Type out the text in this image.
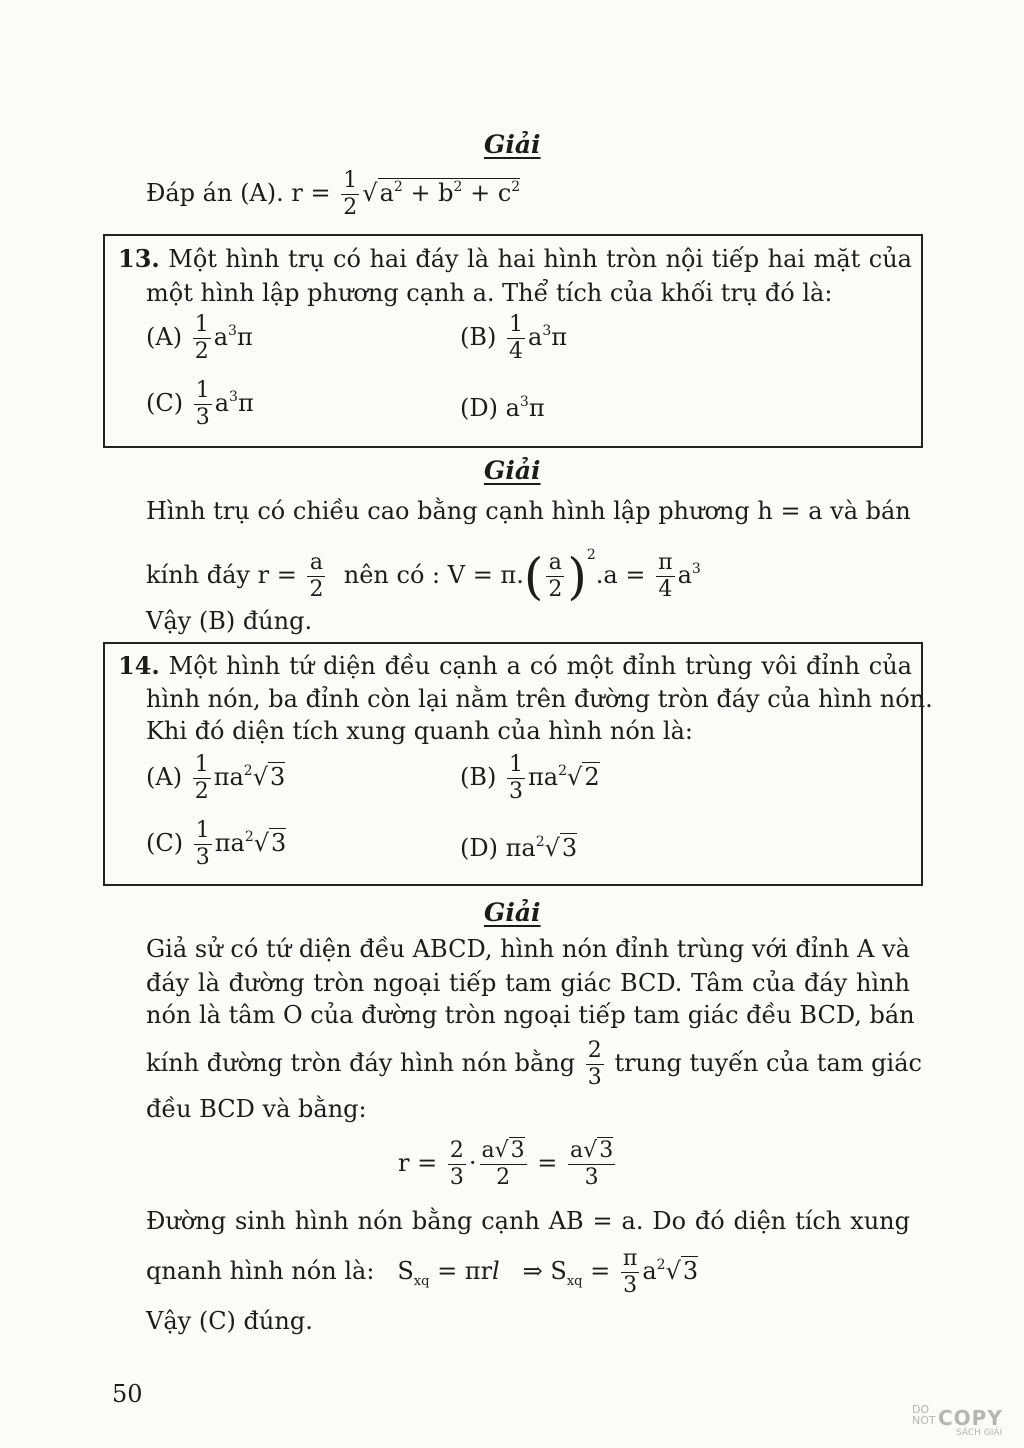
Giải
Đáp án (A). $r = \frac{1}{2} √a^2 + b^2 + c^2$
13. Một hình trụ có hai đáy là hai hình tròn nội tiếp hai mặt của
một hình lập phương cạnh a. Thể tích của khối trụ đó là:
$(A) \frac{1}{2} a^3\pi$	$(B) \frac{1}{4} a^3\pi$
$(C) \frac{1}{3} a^3\pi$	(D) $a^3\pi$
Giải
Hình trụ có chiều cao bằng cạnh hình lập phương h = a và bán
kính đáy $r = \frac{a}{2}$ nên có : $V = \pi.( \frac{a}{2} )^2.a = \frac{\pi}{4} a^3$
Vậy (B) đúng.
14. Một hình tứ diện đều cạnh a có một đỉnh trùng vôi đỉnh của
hình nón, ba đỉnh còn lại nằm trên đường tròn đáy của hình nón.
Khi đó diện tích xung quanh của hình nón là:
$(A) \frac{1}{2} \pi a^2√3$	$(B) \frac{1}{3} \pi a^2√2$
$(C) \frac{1}{3} \pi a^2√3$	(D) $\pi a^2√3$
Giải
Giả sử có tứ diện đều ABCD, hình nón đỉnh trùng với đỉnh A và
đáy là đường tròn ngoại tiếp tam giác BCD. Tâm của đáy hình
nón là tâm O của đường tròn ngoại tiếp tam giác đều BCD, bán
kính đường tròn đáy hình nón bằng $\frac{2}{3}$ trung tuyến của tam giác
đều BCD và bằng:
$r = \frac{2}{3} \cdot \frac{a√3}{2} = \frac{a√3}{3}$
Đường sinh hình nón bằng cạnh AB = a. Do đó diện tích xung
qnanh hình nón là: $S_{xq} = \pi rl$ ⇒ $S_{xq} = \frac{\pi}{3} a^2√3$
Vậy (C) đúng.
50
DO NOT COPY
SÁCH GIẢI
